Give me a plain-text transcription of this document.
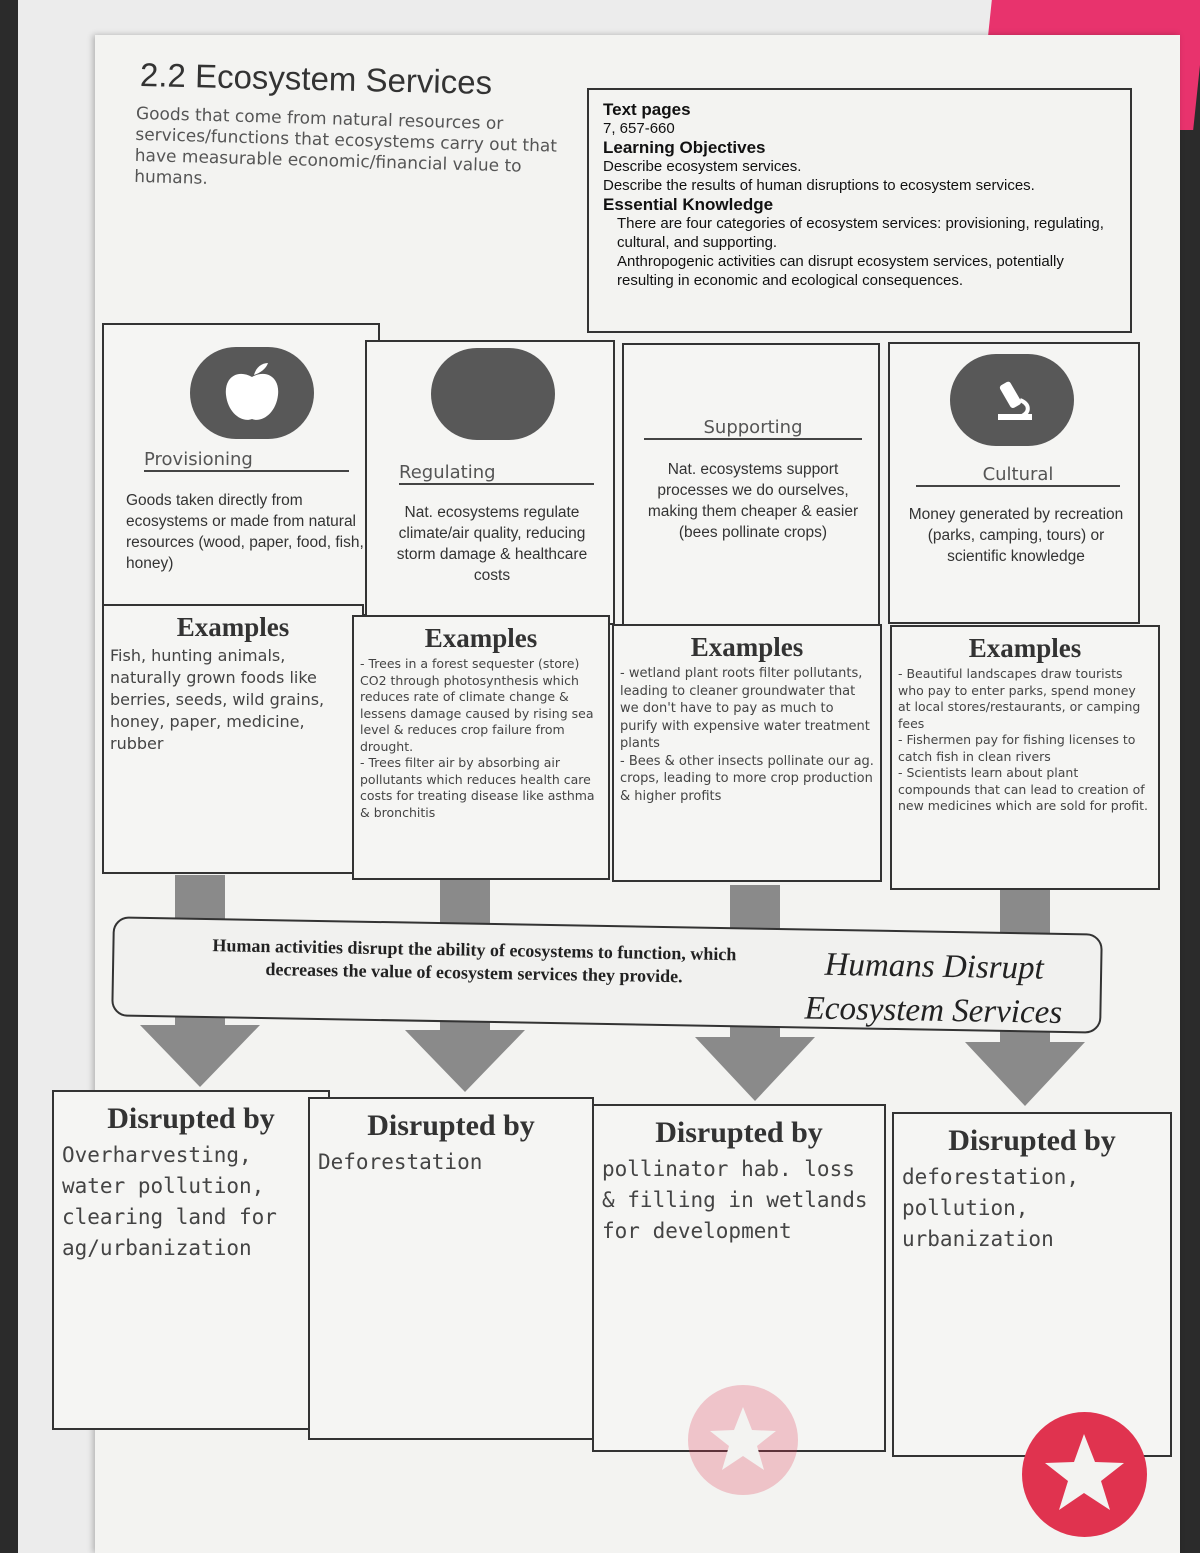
2.2 Ecosystem Services
Goods that come from natural resources or services/functions that ecosystems carry out that have measurable economic/financial value to humans.
Text pages
7, 657-660
Learning Objectives
Describe ecosystem services.
Describe the results of human disruptions to ecosystem services.
Essential Knowledge
There are four categories of ecosystem services: provisioning, regulating, cultural, and supporting.
Anthropogenic activities can disrupt ecosystem services, potentially resulting in economic and ecological consequences.
Provisioning
Goods taken directly from ecosystems or made from natural resources (wood, paper, food, fish, honey)
Regulating
Nat. ecosystems regulate climate/air quality, reducing storm damage & healthcare costs
Supporting
Nat. ecosystems support processes we do ourselves, making them cheaper & easier (bees pollinate crops)
Cultural
Money generated by recreation (parks, camping, tours) or scientific knowledge
Examples
Fish, hunting animals, naturally grown foods like berries, seeds, wild grains, honey, paper, medicine, rubber
Examples
- Trees in a forest sequester (store) CO2 through photosynthesis which reduces rate of climate change & lessens damage caused by rising sea level & reduces crop failure from drought.
- Trees filter air by absorbing air pollutants which reduces health care costs for treating disease like asthma & bronchitis
Examples
- wetland plant roots filter pollutants, leading to cleaner groundwater that we don't have to pay as much to purify with expensive water treatment plants
- Bees & other insects pollinate our ag. crops, leading to more crop production & higher profits
Examples
- Beautiful landscapes draw tourists who pay to enter parks, spend money at local stores/restaurants, or camping fees
- Fishermen pay for fishing licenses to catch fish in clean rivers
- Scientists learn about plant compounds that can lead to creation of new medicines which are sold for profit.
Human activities disrupt the ability of ecosystems to function, which decreases the value of ecosystem services they provide.	Humans Disrupt Ecosystem Services
Disrupted by
Overharvesting, water pollution, clearing land for ag/urbanization
Disrupted by
Deforestation
Disrupted by
pollinator hab. loss & filling in wetlands for development
Disrupted by
deforestation, pollution, urbanization
